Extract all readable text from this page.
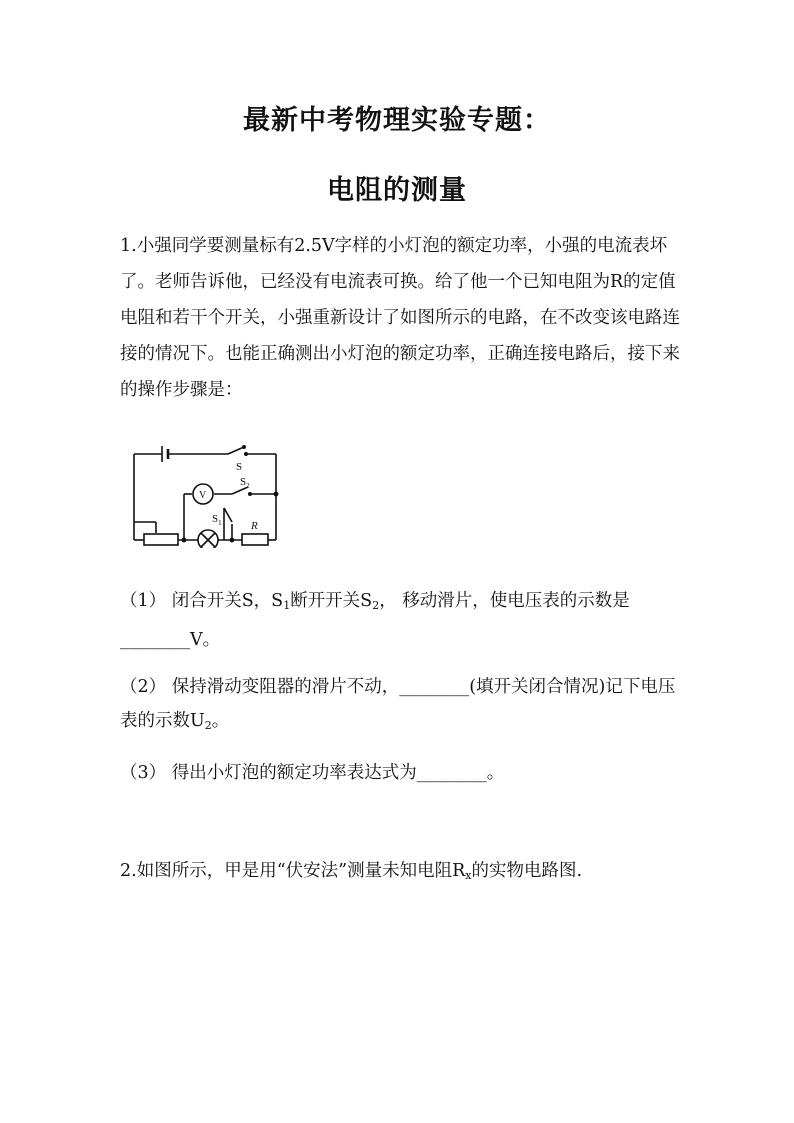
最新中考物理实验专题：
电阻的测量

1.小强同学要测量标有2.5V字样的小灯泡的额定功率，小强的电流表坏了。老师告诉他，已经没有电流表可换。给了他一个已知电阻为R的定值电阻和若干个开关，小强重新设计了如图所示的电路，在不改变该电路连接的情况下。也能正确测出小灯泡的额定功率，正确连接电路后，接下来的操作步骤是：

S
$S_2$
$S_1$
V
R

（1） 闭合开关S，$S_1$断开开关$S_2$， 移动滑片，使电压表的示数是________V。

（2） 保持滑动变阻器的滑片不动，________(填开关闭合情况)记下电压表的示数$U_2$。

（3） 得出小灯泡的额定功率表达式为________。

2.如图所示，甲是用“伏安法”测量未知电阻$R_x$的实物电路图.
